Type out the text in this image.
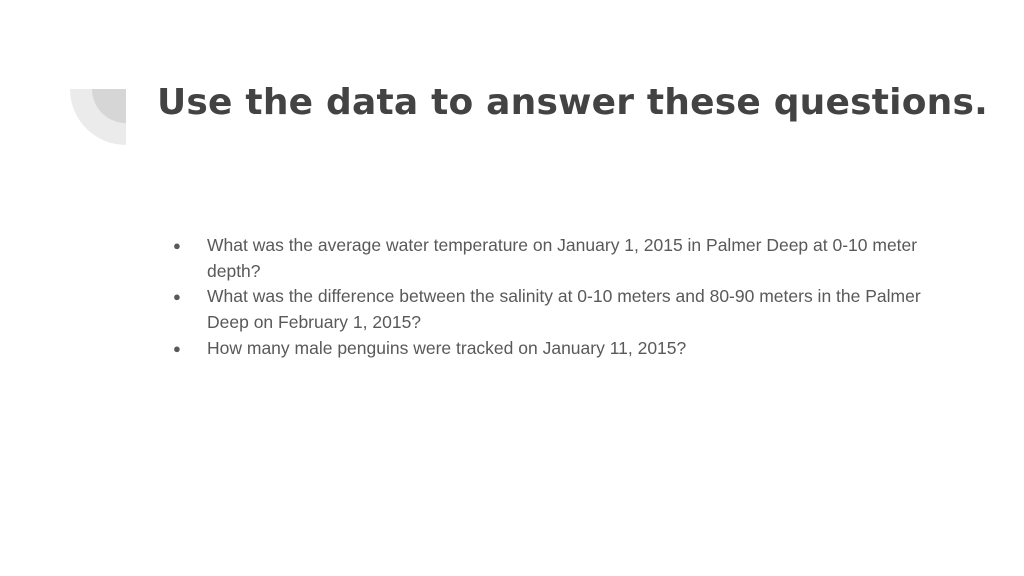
Use the data to answer these questions.
● What was the average water temperature on January 1, 2015 in Palmer Deep at 0-10 meter depth?
● What was the difference between the salinity at 0-10 meters and 80-90 meters in the Palmer Deep on February 1, 2015?
● How many male penguins were tracked on January 11, 2015?
